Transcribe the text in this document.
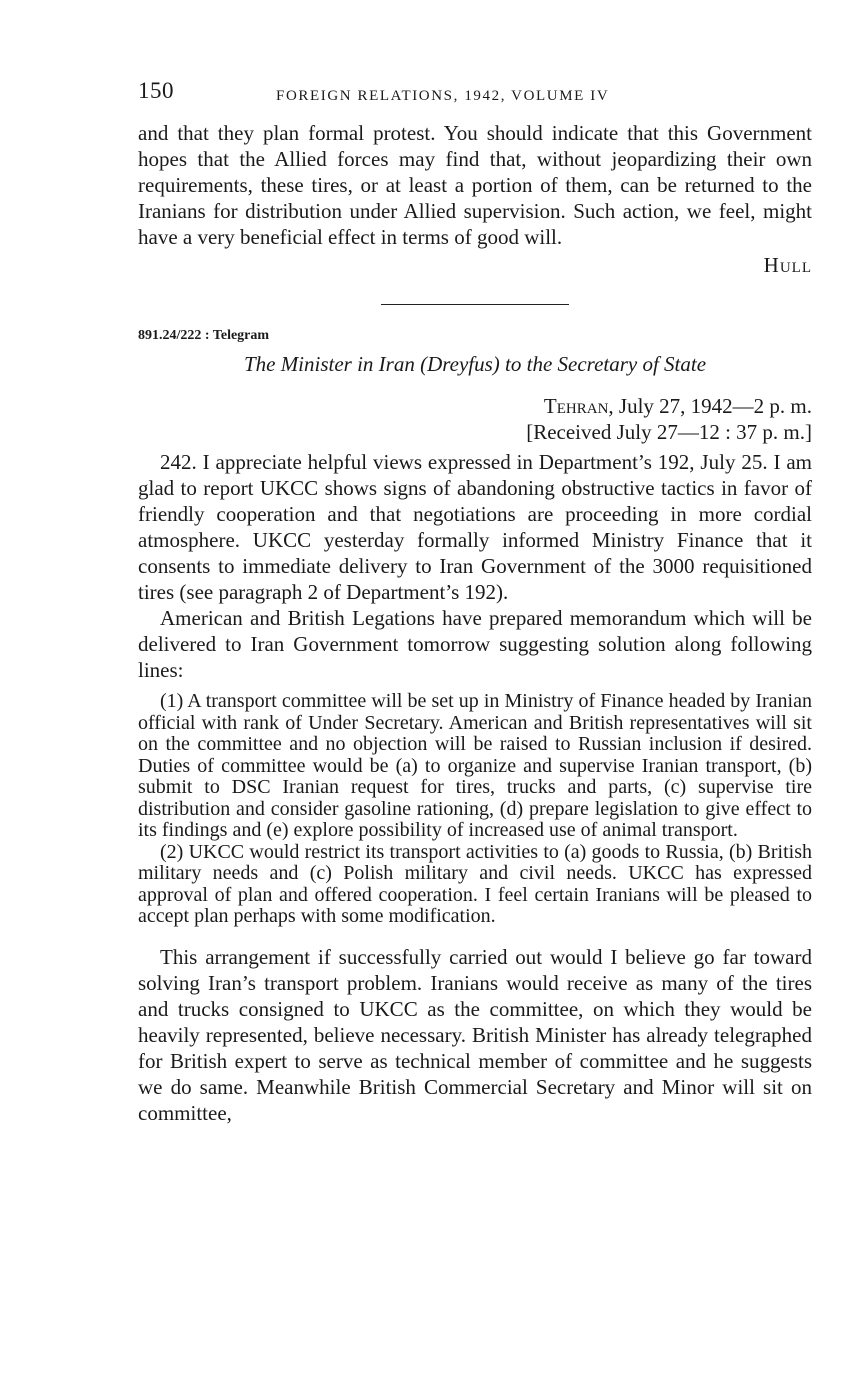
150	FOREIGN RELATIONS, 1942, VOLUME IV

and that they plan formal protest. You should indicate that this Government hopes that the Allied forces may find that, without jeopardizing their own requirements, these tires, or at least a portion of them, can be returned to the Iranians for distribution under Allied supervision. Such action, we feel, might have a very beneficial effect in terms of good will.

Hull

891.24/222 : Telegram

The Minister in Iran (Dreyfus) to the Secretary of State

Tehran, July 27, 1942—2 p. m.

[Received July 27—12 : 37 p. m.]

242. I appreciate helpful views expressed in Department’s 192, July 25. I am glad to report UKCC shows signs of abandoning obstructive tactics in favor of friendly cooperation and that negotiations are proceeding in more cordial atmosphere. UKCC yesterday formally informed Ministry Finance that it consents to immediate delivery to Iran Government of the 3000 requisitioned tires (see paragraph 2 of Department’s 192).

American and British Legations have prepared memorandum which will be delivered to Iran Government tomorrow suggesting solution along following lines:

(1) A transport committee will be set up in Ministry of Finance headed by Iranian official with rank of Under Secretary. American and British representatives will sit on the committee and no objection will be raised to Russian inclusion if desired. Duties of committee would be (a) to organize and supervise Iranian transport, (b) submit to DSC Iranian request for tires, trucks and parts, (c) supervise tire distribution and consider gasoline rationing, (d) prepare legislation to give effect to its findings and (e) explore possibility of increased use of animal transport.

(2) UKCC would restrict its transport activities to (a) goods to Russia, (b) British military needs and (c) Polish military and civil needs. UKCC has expressed approval of plan and offered cooperation. I feel certain Iranians will be pleased to accept plan perhaps with some modification.

This arrangement if successfully carried out would I believe go far toward solving Iran’s transport problem. Iranians would receive as many of the tires and trucks consigned to UKCC as the committee, on which they would be heavily represented, believe necessary. British Minister has already telegraphed for British expert to serve as technical member of committee and he suggests we do same. Meanwhile British Commercial Secretary and Minor will sit on committee,
